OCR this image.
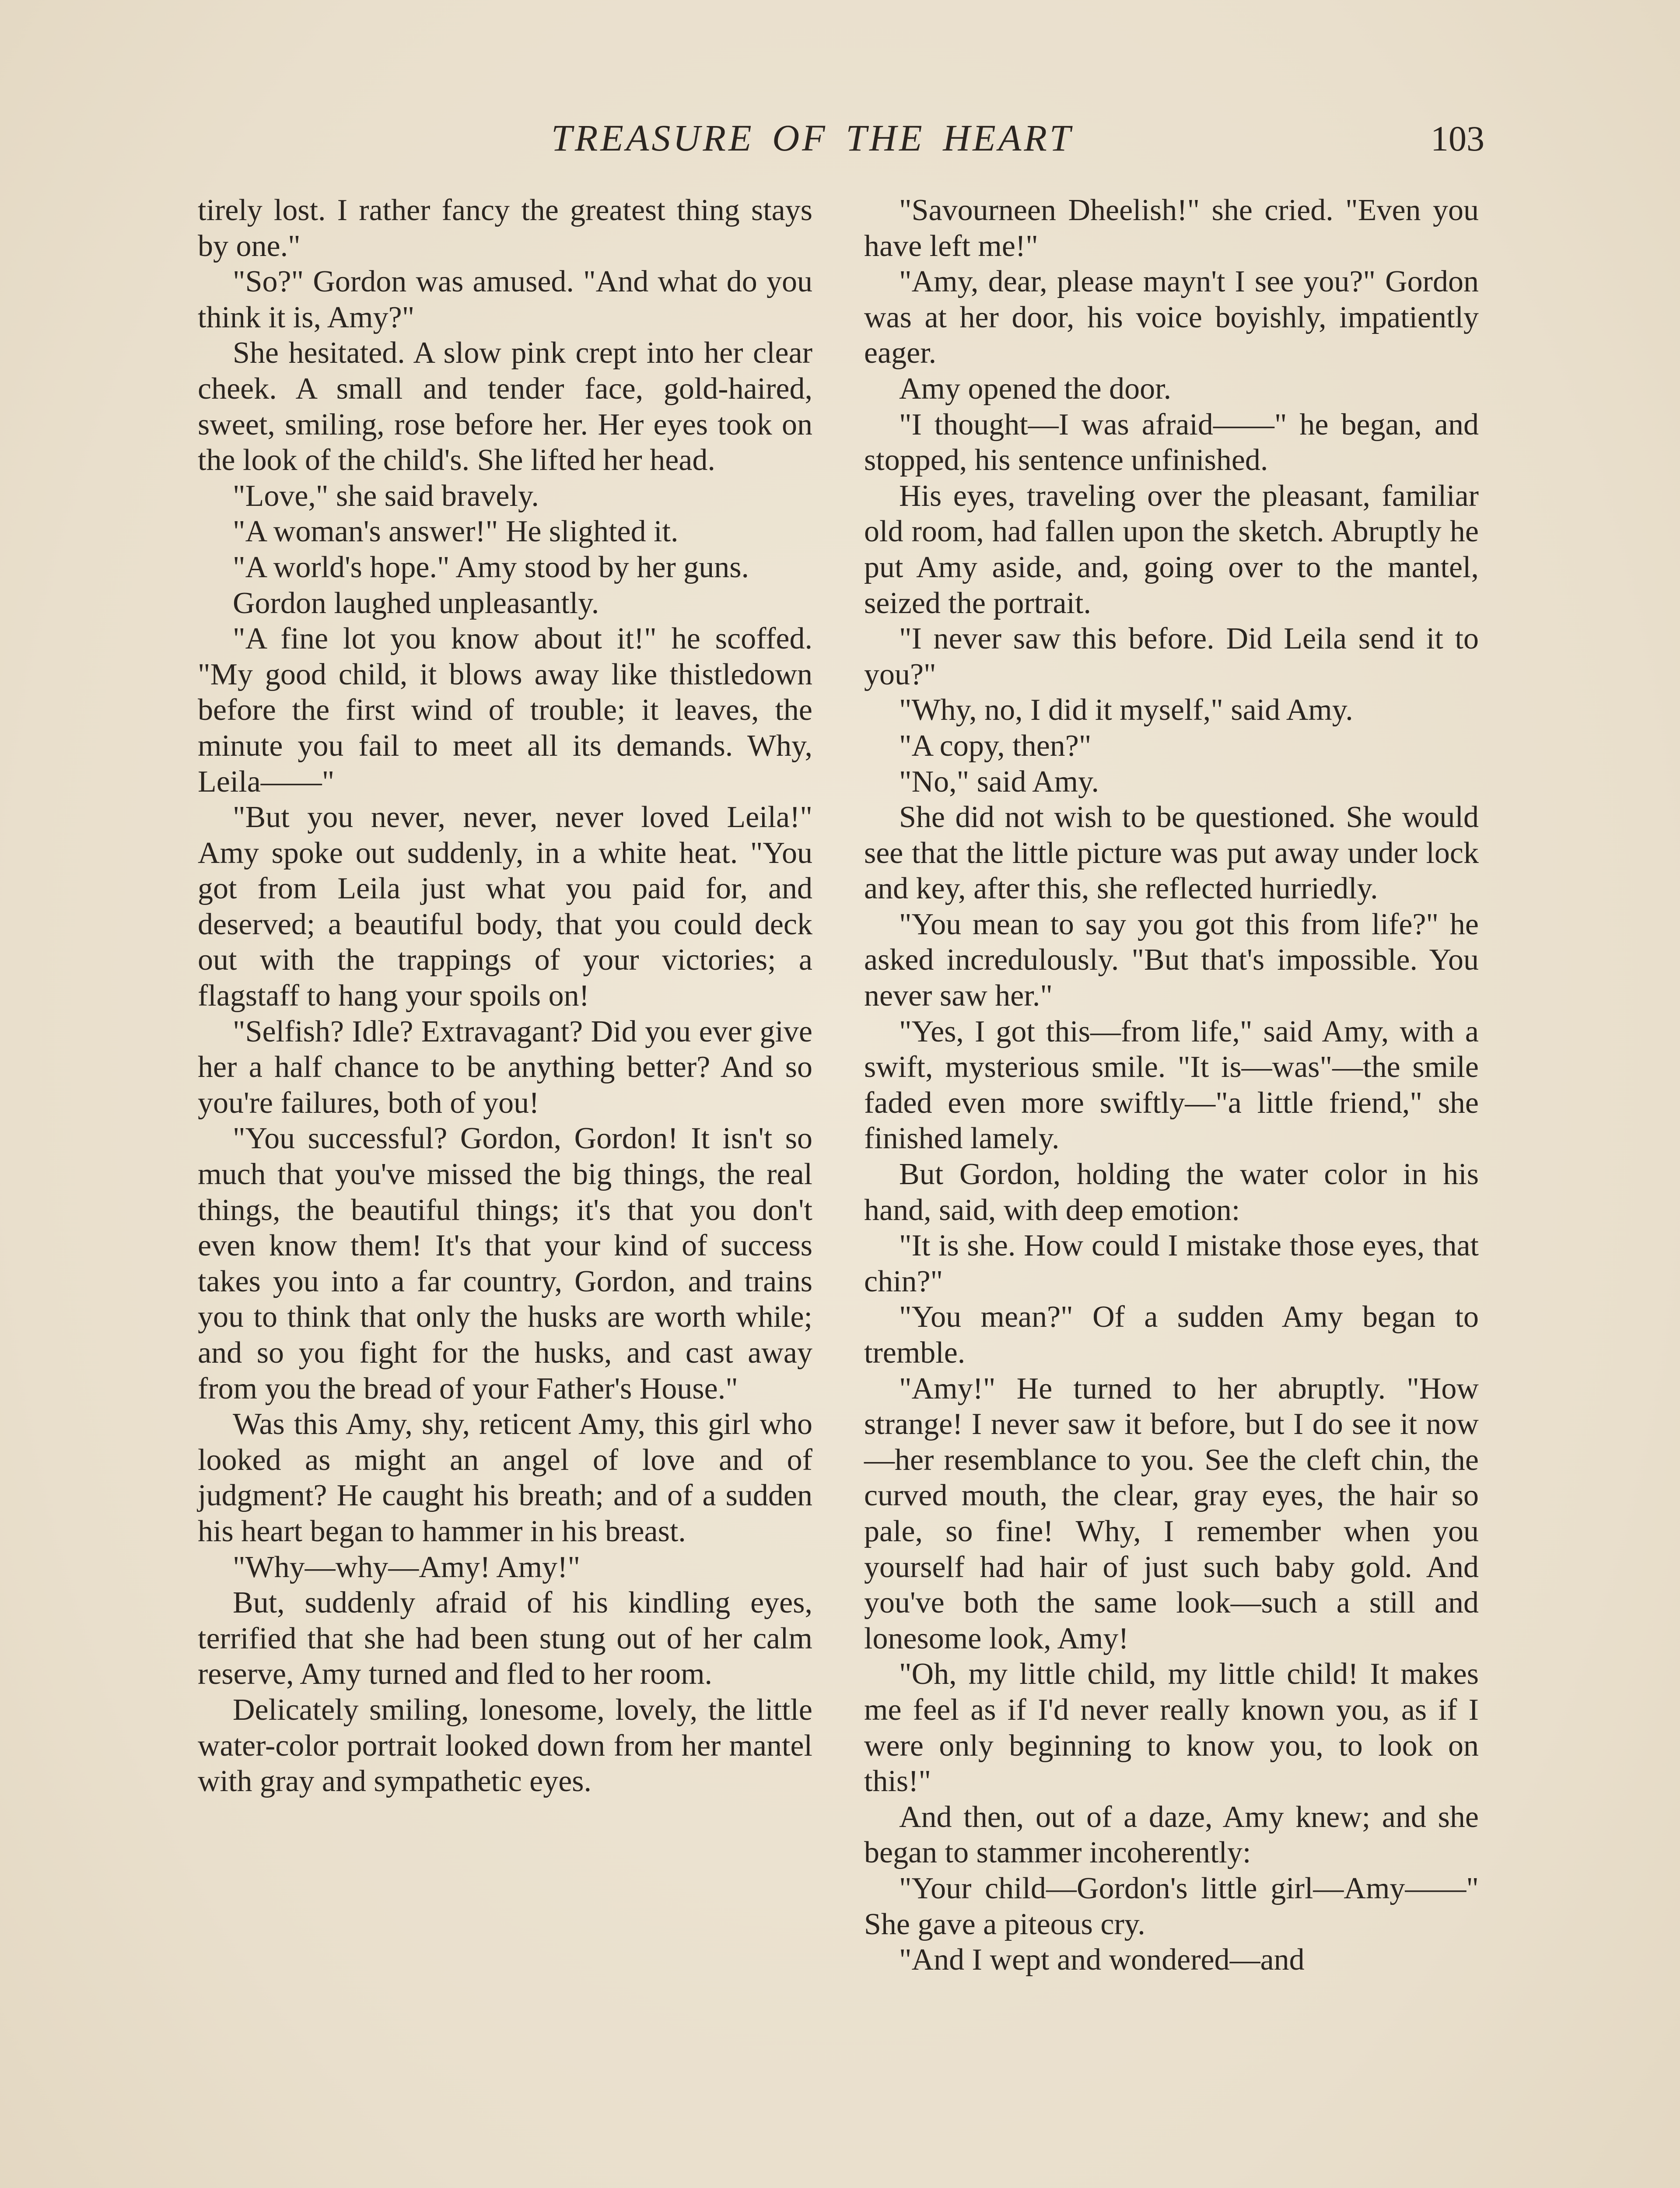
TREASURE OF THE HEART	103

tirely lost. I rather fancy the greatest thing stays by one."

"So?" Gordon was amused. "And what do you think it is, Amy?"

She hesitated. A slow pink crept into her clear cheek. A small and tender face, gold-haired, sweet, smiling, rose before her. Her eyes took on the look of the child's. She lifted her head.

"Love," she said bravely.

"A woman's answer!" He slighted it.

"A world's hope." Amy stood by her guns.

Gordon laughed unpleasantly.

"A fine lot you know about it!" he scoffed. "My good child, it blows away like thistledown before the first wind of trouble; it leaves, the minute you fail to meet all its demands. Why, Leila——"

"But you never, never, never loved Leila!" Amy spoke out suddenly, in a white heat. "You got from Leila just what you paid for, and deserved; a beautiful body, that you could deck out with the trappings of your victories; a flagstaff to hang your spoils on!

"Selfish? Idle? Extravagant? Did you ever give her a half chance to be anything better? And so you're failures, both of you!

"You successful? Gordon, Gordon! It isn't so much that you've missed the big things, the real things, the beautiful things; it's that you don't even know them! It's that your kind of success takes you into a far country, Gordon, and trains you to think that only the husks are worth while; and so you fight for the husks, and cast away from you the bread of your Father's House."

Was this Amy, shy, reticent Amy, this girl who looked as might an angel of love and of judgment? He caught his breath; and of a sudden his heart began to hammer in his breast.

"Why—why—Amy! Amy!"

But, suddenly afraid of his kindling eyes, terrified that she had been stung out of her calm reserve, Amy turned and fled to her room.

Delicately smiling, lonesome, lovely, the little water-color portrait looked down from her mantel with gray and sympathetic eyes.

"Savourneen Dheelish!" she cried. "Even you have left me!"

"Amy, dear, please mayn't I see you?" Gordon was at her door, his voice boyishly, impatiently eager.

Amy opened the door.

"I thought—I was afraid——" he began, and stopped, his sentence unfinished.

His eyes, traveling over the pleasant, familiar old room, had fallen upon the sketch. Abruptly he put Amy aside, and, going over to the mantel, seized the portrait.

"I never saw this before. Did Leila send it to you?"

"Why, no, I did it myself," said Amy.

"A copy, then?"

"No," said Amy.

She did not wish to be questioned. She would see that the little picture was put away under lock and key, after this, she reflected hurriedly.

"You mean to say you got this from life?" he asked incredulously. "But that's impossible. You never saw her."

"Yes, I got this—from life," said Amy, with a swift, mysterious smile. "It is—was"—the smile faded even more swiftly—"a little friend," she finished lamely.

But Gordon, holding the water color in his hand, said, with deep emotion:

"It is she. How could I mistake those eyes, that chin?"

"You mean?" Of a sudden Amy began to tremble.

"Amy!" He turned to her abruptly. "How strange! I never saw it before, but I do see it now—her resemblance to you. See the cleft chin, the curved mouth, the clear, gray eyes, the hair so pale, so fine! Why, I remember when you yourself had hair of just such baby gold. And you've both the same look—such a still and lonesome look, Amy!

"Oh, my little child, my little child! It makes me feel as if I'd never really known you, as if I were only beginning to know you, to look on this!"

And then, out of a daze, Amy knew; and she began to stammer incoherently:

"Your child—Gordon's little girl—Amy——" She gave a piteous cry.

"And I wept and wondered—and
